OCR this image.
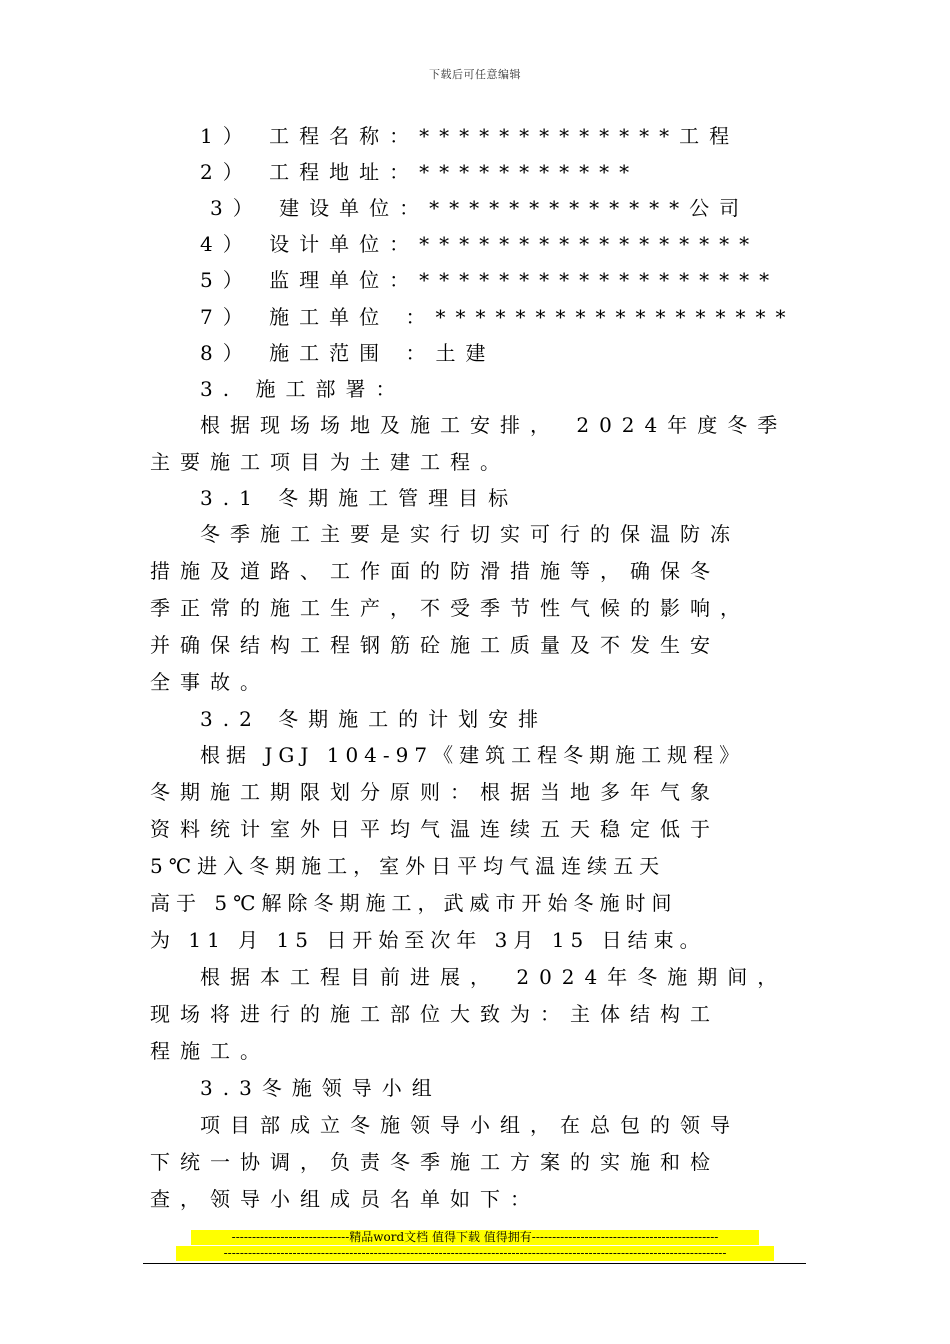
下载后可任意编辑
1） 工程名称：*************工程
2） 工程地址：***********
3） 建设单位：*************公司
4） 设计单位：*****************
5） 监理单位：******************
7） 施工单位 ：******************
8） 施工范围 ：土建
3. 施工部署：
根据现场场地及施工安排， 2024年度冬季
主要施工项目为土建工程。
3.1 冬期施工管理目标
冬季施工主要是实行切实可行的保温防冻
措施及道路、工作面的防滑措施等，确保冬
季正常的施工生产，不受季节性气候的影响，
并确保结构工程钢筋砼施工质量及不发生安
全事故。
3.2 冬期施工的计划安排
根据 JGJ 104-97《建筑工程冬期施工规程》
冬期施工期限划分原则：根据当地多年气象
资料统计室外日平均气温连续五天稳定低于
5℃进入冬期施工，室外日平均气温连续五天
高于 5℃解除冬期施工，武威市开始冬施时间
为 11 月 15 日开始至次年 3月 15 日结束。
根据本工程目前进展， 2024年冬施期间，
现场将进行的施工部位大致为：主体结构工
程施工。
3.3冬施领导小组
项目部成立冬施领导小组，在总包的领导
下统一协调，负责冬季施工方案的实施和检
查，领导小组成员名单如下：
-----------------------------精品word文档 值得下载 值得拥有----------------------------------------------
----------------------------------------------------------------------------------------------------------------------------
